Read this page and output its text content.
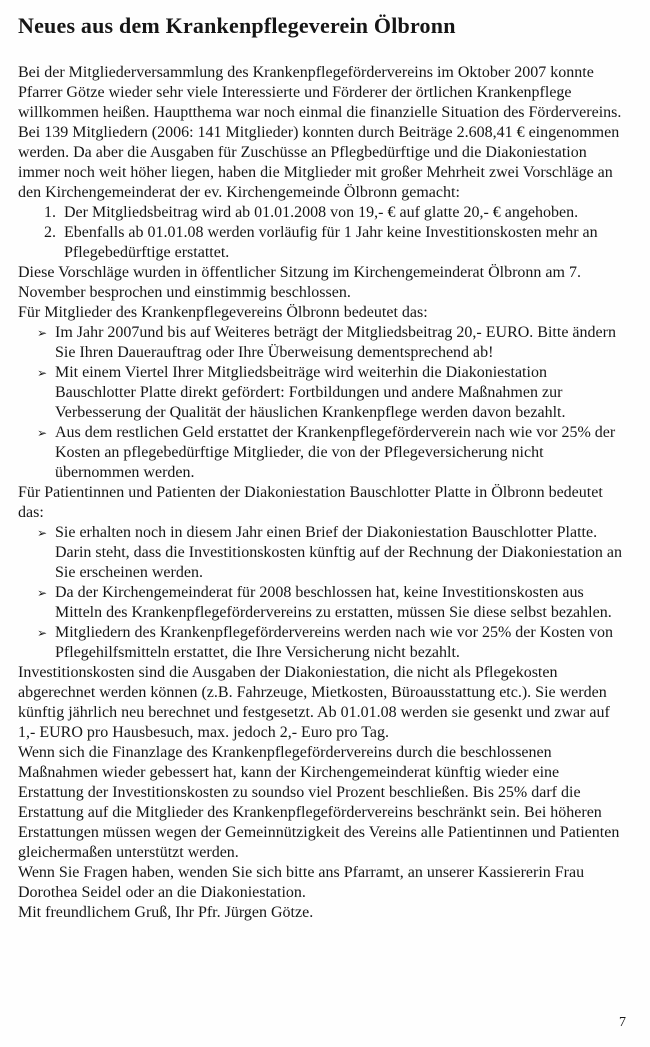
Neues aus dem Krankenpflegeverein Ölbronn

Bei der Mitgliederversammlung des Krankenpflegefördervereins im Oktober 2007 konnte Pfarrer Götze wieder sehr viele Interessierte und Förderer der örtlichen Krankenpflege willkommen heißen. Hauptthema war noch einmal die finanzielle Situation des Fördervereins. Bei 139 Mitgliedern (2006: 141 Mitglieder) konnten durch Beiträge 2.608,41 € eingenommen werden. Da aber die Ausgaben für Zuschüsse an Pflegbedürftige und die Diakoniestation immer noch weit höher liegen, haben die Mitglieder mit großer Mehrheit zwei Vorschläge an den Kirchengemeinderat der ev. Kirchengemeinde Ölbronn gemacht:

1. Der Mitgliedsbeitrag wird ab 01.01.2008 von 19,- € auf glatte 20,- € angehoben.
2. Ebenfalls ab 01.01.08 werden vorläufig für 1 Jahr keine Investitionskosten mehr an Pflegebedürftige erstattet.

Diese Vorschläge wurden in öffentlicher Sitzung im Kirchengemeinderat Ölbronn am 7. November besprochen und einstimmig beschlossen.

Für Mitglieder des Krankenpflegevereins Ölbronn bedeutet das:

➢ Im Jahr 2007und bis auf Weiteres beträgt der Mitgliedsbeitrag 20,- EURO. Bitte ändern Sie Ihren Dauerauftrag oder Ihre Überweisung dementsprechend ab!
➢ Mit einem Viertel Ihrer Mitgliedsbeiträge wird weiterhin die Diakoniestation Bauschlotter Platte direkt gefördert: Fortbildungen und andere Maßnahmen zur Verbesserung der Qualität der häuslichen Krankenpflege werden davon bezahlt.
➢ Aus dem restlichen Geld erstattet der Krankenpflegeförderverein nach wie vor 25% der Kosten an pflegebedürftige Mitglieder, die von der Pflegeversicherung nicht übernommen werden.

Für Patientinnen und Patienten der Diakoniestation Bauschlotter Platte in Ölbronn bedeutet das:

➢ Sie erhalten noch in diesem Jahr einen Brief der Diakoniestation Bauschlotter Platte. Darin steht, dass die Investitionskosten künftig auf der Rechnung der Diakoniestation an Sie erscheinen werden.
➢ Da der Kirchengemeinderat für 2008 beschlossen hat, keine Investitionskosten aus Mitteln des Krankenpflegefördervereins zu erstatten, müssen Sie diese selbst bezahlen.
➢ Mitgliedern des Krankenpflegefördervereins werden nach wie vor 25% der Kosten von Pflegehilfsmitteln erstattet, die Ihre Versicherung nicht bezahlt.

Investitionskosten sind die Ausgaben der Diakoniestation, die nicht als Pflegekosten abgerechnet werden können (z.B. Fahrzeuge, Mietkosten, Büroausstattung etc.). Sie werden künftig jährlich neu berechnet und festgesetzt. Ab 01.01.08 werden sie gesenkt und zwar auf 1,- EURO pro Hausbesuch, max. jedoch 2,- Euro pro Tag.

Wenn sich die Finanzlage des Krankenpflegefördervereins durch die beschlossenen Maßnahmen wieder gebessert hat, kann der Kirchengemeinderat künftig wieder eine Erstattung der Investitionskosten zu soundso viel Prozent beschließen. Bis 25% darf die Erstattung auf die Mitglieder des Krankenpflegefördervereins beschränkt sein. Bei höheren Erstattungen müssen wegen der Gemeinnützigkeit des Vereins alle Patientinnen und Patienten gleichermaßen unterstützt werden.

Wenn Sie Fragen haben, wenden Sie sich bitte ans Pfarramt, an unserer Kassiererin Frau Dorothea Seidel oder an die Diakoniestation.

Mit freundlichem Gruß, Ihr Pfr. Jürgen Götze.

7
